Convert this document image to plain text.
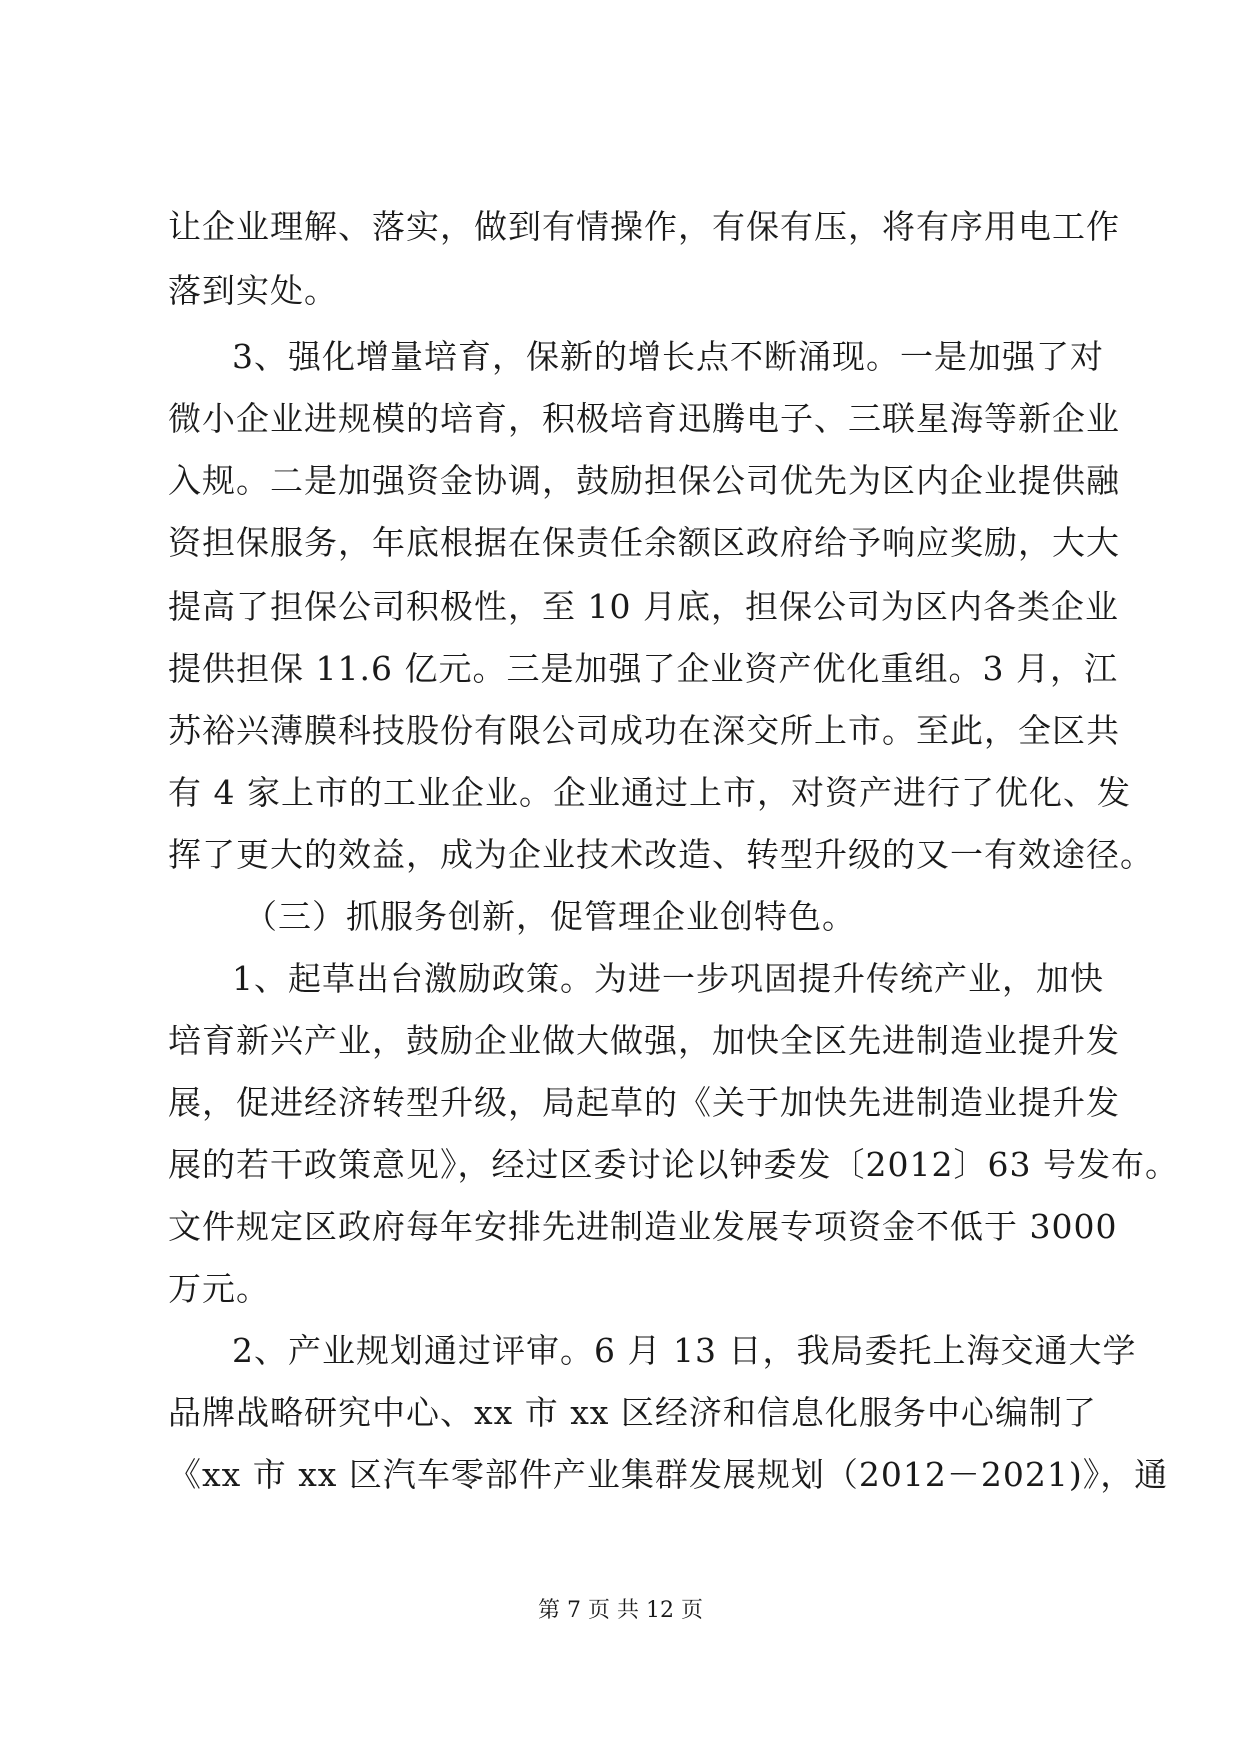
让企业理解、落实，做到有情操作，有保有压，将有序用电工作
落到实处。
3、强化增量培育，保新的增长点不断涌现。一是加强了对
微小企业进规模的培育，积极培育迅腾电子、三联星海等新企业
入规。二是加强资金协调，鼓励担保公司优先为区内企业提供融
资担保服务，年底根据在保责任余额区政府给予响应奖励，大大
提高了担保公司积极性，至 10 月底，担保公司为区内各类企业
提供担保 11.6 亿元。三是加强了企业资产优化重组。3 月，江
苏裕兴薄膜科技股份有限公司成功在深交所上市。至此，全区共
有 4 家上市的工业企业。企业通过上市，对资产进行了优化、发
挥了更大的效益，成为企业技术改造、转型升级的又一有效途径。
（三）抓服务创新，促管理企业创特色。
1、起草出台激励政策。为进一步巩固提升传统产业，加快
培育新兴产业，鼓励企业做大做强，加快全区先进制造业提升发
展，促进经济转型升级，局起草的《关于加快先进制造业提升发
展的若干政策意见》，经过区委讨论以钟委发〔2012〕63 号发布。
文件规定区政府每年安排先进制造业发展专项资金不低于 3000
万元。
2、产业规划通过评审。6 月 13 日，我局委托上海交通大学
品牌战略研究中心、xx 市 xx 区经济和信息化服务中心编制了
《xx 市 xx 区汽车零部件产业集群发展规划（2012－2021)》，通
第 7 页 共 12 页
